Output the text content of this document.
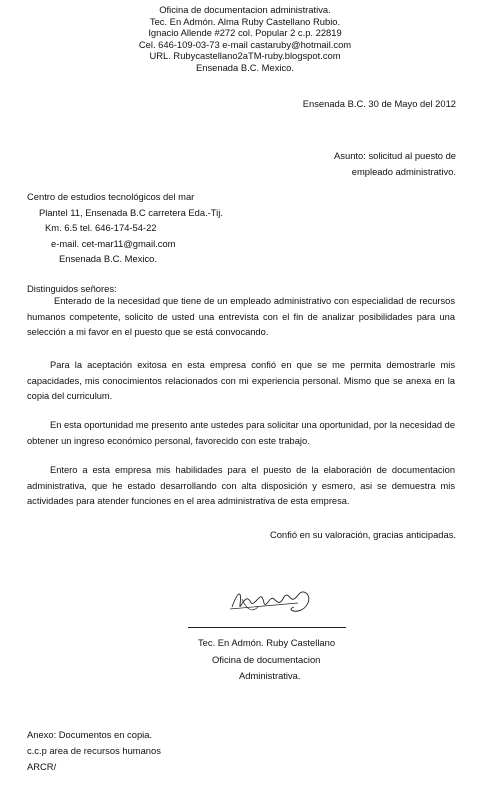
Oficina de documentacion administrativa.
Tec. En Admón. Alma Ruby Castellano Rubio.
Ignacio Allende #272 col. Popular 2 c.p. 22819
Cel. 646-109-03-73 e-mail castaruby@hotmail.com
URL. Rubycastellano2aTM-ruby.blogspot.com
Ensenada B.C. Mexico.
Ensenada B.C. 30 de Mayo del 2012
Asunto: solicitud al puesto de
empleado administrativo.
Centro de estudios tecnológicos del mar
Plantel 11, Ensenada B.C carretera Eda.-Tij.
Km. 6.5 tel. 646-174-54-22
e-mail. cet-mar11@gmail.com
Ensenada B.C. Mexico.
Distinguidos señores:
Enterado de la necesidad que tiene de un empleado administrativo con especialidad de recursos humanos competente, solicito de usted una entrevista con el fin de analizar posibilidades para una selección a mi favor en el puesto que se está convocando.
Para la aceptación exitosa en esta empresa confió en que se me permita demostrarle mis capacidades, mis conocimientos relacionados con mi experiencia personal. Mismo que se anexa en la copia del curriculum.
En esta oportunidad me presento ante ustedes para solicitar una oportunidad, por la necesidad de obtener un ingreso económico personal, favorecido con este trabajo.
Entero a esta empresa mis habilidades para el puesto de la elaboración de documentacion administrativa, que he estado desarrollando con alta disposición y esmero, asi se demuestra mis actividades para atender funciones en el area administrativa de esta empresa.
Confió en su valoración, gracias anticipadas.
Tec. En Admón. Ruby Castellano
Oficina de documentacion
Administrativa.
Anexo: Documentos en copia.
c.c.p area de recursos humanos
ARCR/
